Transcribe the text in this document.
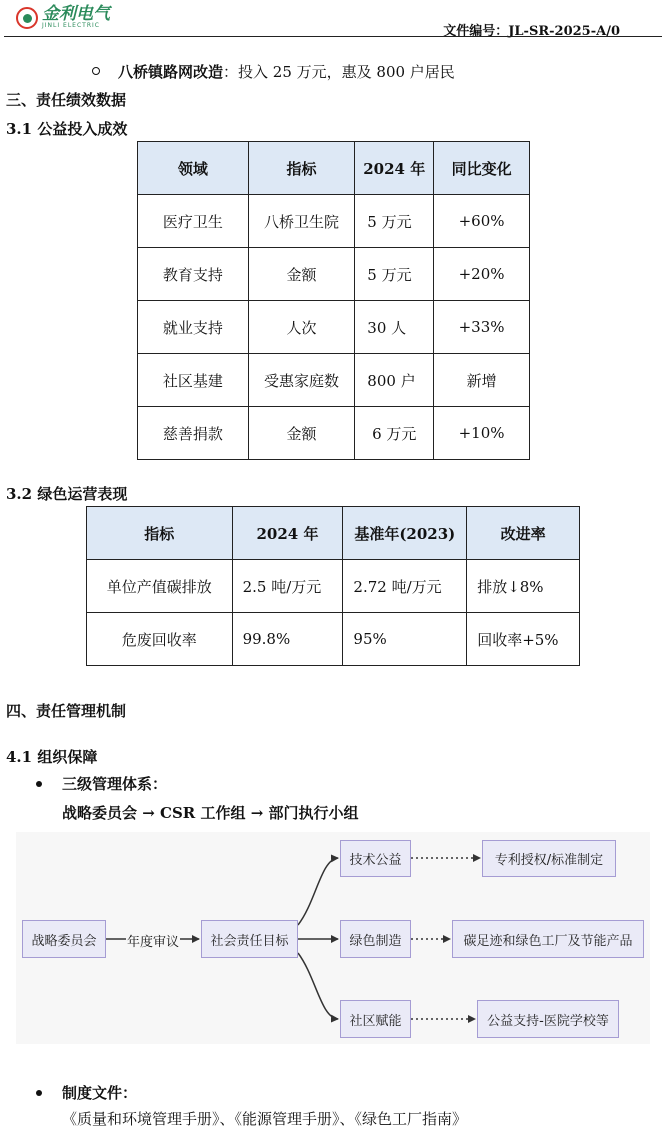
金利电气
JINLI ELECTRIC	文件编号：JL-SR-2025-A/0
八桥镇路网改造：投入 25 万元，惠及 800 户居民
三、责任绩效数据
3.1 公益投入成效
领域	指标	2024 年	同比变化
医疗卫生	八桥卫生院	5 万元	+60%
教育支持	金额	5 万元	+20%
就业支持	人次	30 人	+33%
社区基建	受惠家庭数	800 户	新增
慈善捐款	金额	6 万元	+10%
3.2 绿色运营表现
指标	2024 年	基准年(2023)	改进率
单位产值碳排放	2.5 吨/万元	2.72 吨/万元	排放↓8%
危废回收率	99.8%	95%	回收率+5%
四、责任管理机制
4.1 组织保障
三级管理体系：
战略委员会 → CSR 工作组 → 部门执行小组
战略委员会	年度审议	社会责任目标
技术公益
绿色制造
社区赋能
专利授权/标准制定
碳足迹和绿色工厂及节能产品
公益支持-医院学校等
制度文件：
《质量和环境管理手册》、《能源管理手册》、《绿色工厂指南》
